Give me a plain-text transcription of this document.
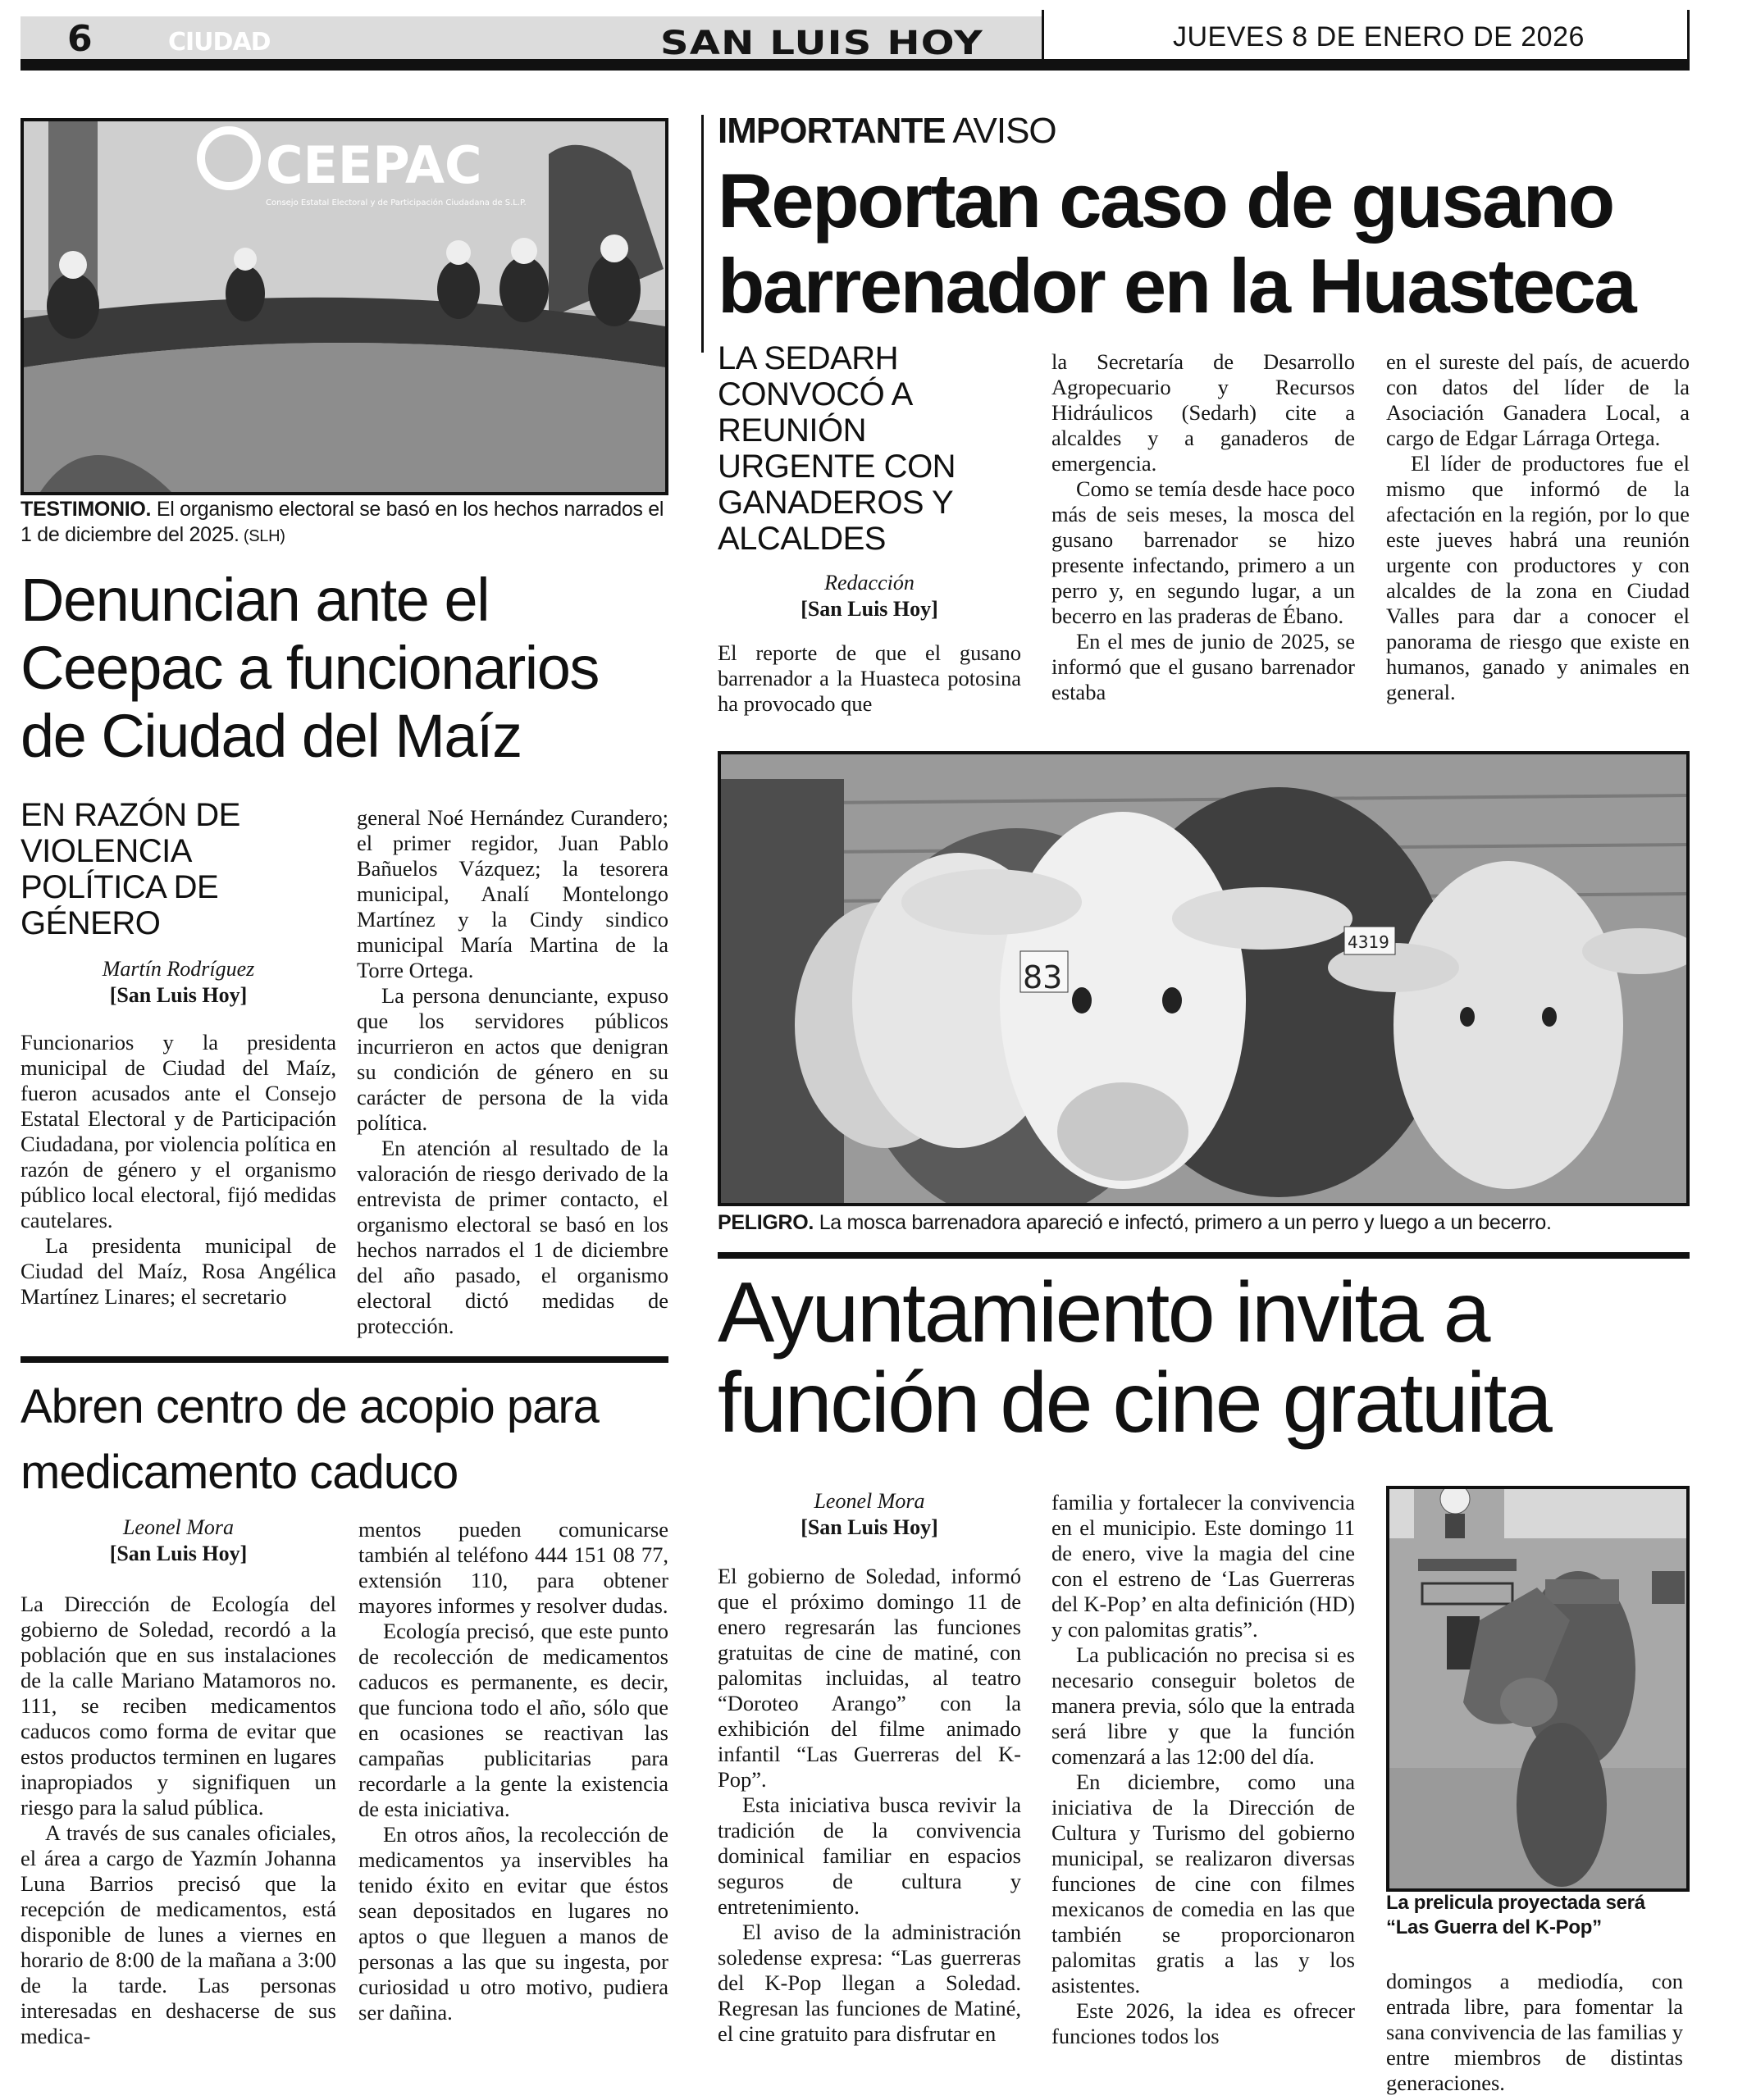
6	CIUDAD	SAN LUIS HOY	JUEVES 8 DE ENERO DE 2026
CEEPAC
Consejo Estatal Electoral y de Participación Ciudadana de S.L.P.
TESTIMONIO. El organismo electoral se basó en los hechos narrados el 1 de diciembre del 2025. (SLH)
Denuncian ante el Ceepac a funcionarios de Ciudad del Maíz
EN RAZÓN DE VIOLENCIA POLÍTICA DE GÉNERO
Martín Rodríguez
[San Luis Hoy]

Funcionarios y la presidenta municipal de Ciudad del Maíz, fueron acusados ante el Consejo Estatal Electoral y de Participación Ciudadana, por violencia política en razón de género y el organismo público local electoral, fijó medidas cautelares.

La presidenta municipal de Ciudad del Maíz, Rosa Angélica Martínez Linares; el secretario

general Noé Hernández Curandero; el primer regidor, Juan Pablo Bañuelos Vázquez; la tesorera municipal, Analí Montelongo Martínez y la Cindy sindico municipal María Martina de la Torre Ortega.

La persona denunciante, expuso que los servidores públicos incurrieron en actos que denigran su condición de género en su carácter de persona de la vida política.

En atención al resultado de la valoración de riesgo derivado de la entrevista de primer contacto, el organismo electoral se basó en los hechos narrados el 1 de diciembre del año pasado, el organismo electoral dictó medidas de protección.

Abren centro de acopio para medicamento caduco
Leonel Mora
[San Luis Hoy]

La Dirección de Ecología del gobierno de Soledad, recordó a la población que en sus instalaciones de la calle Mariano Matamoros no. 111, se reciben medicamentos caducos como forma de evitar que estos productos terminen en lugares inapropiados y signifiquen un riesgo para la salud pública.

A través de sus canales oficiales, el área a cargo de Yazmín Johanna Luna Barrios precisó que la recepción de medicamentos, está disponible de lunes a viernes en horario de 8:00 de la mañana a 3:00 de la tarde. Las personas interesadas en deshacerse de sus medica-

mentos pueden comunicarse también al teléfono 444 151 08 77, extensión 110, para obtener mayores informes y resolver dudas.

Ecología precisó, que este punto de recolección de medicamentos caducos es permanente, es decir, que funciona todo el año, sólo que en ocasiones se reactivan las campañas publicitarias para recordarle a la gente la existencia de esta iniciativa.

En otros años, la recolección de medicamentos ya inservibles ha tenido éxito en evitar que éstos sean depositados en lugares no aptos o que lleguen a manos de personas a las que su ingesta, por curiosidad u otro motivo, pudiera ser dañina.

IMPORTANTE AVISO
Reportan caso de gusano barrenador en la Huasteca
LA SEDARH CONVOCÓ A REUNIÓN URGENTE CON GANADEROS Y ALCALDES
Redacción
[San Luis Hoy]

El reporte de que el gusano barrenador a la Huasteca potosina ha provocado que

la Secretaría de Desarrollo Agropecuario y Recursos Hidráulicos (Sedarh) cite a alcaldes y a ganaderos de emergencia.

Como se temía desde hace poco más de seis meses, la mosca del gusano barrenador se hizo presente infectando, primero a un perro y, en segundo lugar, a un becerro en las praderas de Ébano.

En el mes de junio de 2025, se informó que el gusano barrenador estaba

en el sureste del país, de acuerdo con datos del líder de la Asociación Ganadera Local, a cargo de Edgar Lárraga Ortega.

El líder de productores fue el mismo que informó de la afectación en la región, por lo que este jueves habrá una reunión urgente con productores y con alcaldes de la zona en Ciudad Valles para dar a conocer el panorama de riesgo que existe en humanos, ganado y animales en general.

83
4319
PELIGRO. La mosca barrenadora apareció e infectó, primero a un perro y luego a un becerro.
Ayuntamiento invita a función de cine gratuita
Leonel Mora
[San Luis Hoy]

El gobierno de Soledad, informó que el próximo domingo 11 de enero regresarán las funciones gratuitas de cine de matiné, con palomitas incluidas, al teatro “Doroteo Arango” con la exhibición del filme animado infantil “Las Guerreras del K-Pop”.

Esta iniciativa busca revivir la tradición de la convivencia dominical familiar en espacios seguros de cultura y entretenimiento.

El aviso de la administración soledense expresa: “Las guerreras del K-Pop llegan a Soledad. Regresan las funciones de Matiné, el cine gratuito para disfrutar en

familia y fortalecer la convivencia en el municipio. Este domingo 11 de enero, vive la magia del cine con el estreno de ‘Las Guerreras del K-Pop’ en alta definición (HD) y con palomitas gratis”.

La publicación no precisa si es necesario conseguir boletos de manera previa, sólo que la entrada será libre y que la función comenzará a las 12:00 del día.

En diciembre, como una iniciativa de la Dirección de Cultura y Turismo del gobierno municipal, se realizaron diversas funciones de cine con filmes mexicanos de comedia en las que también se proporcionaron palomitas gratis a las y los asistentes.

Este 2026, la idea es ofrecer funciones todos los

La prelicula proyectada será “Las Guerra del K-Pop”

domingos a mediodía, con entrada libre, para fomentar la sana convivencia de las familias y entre miembros de distintas generaciones.
